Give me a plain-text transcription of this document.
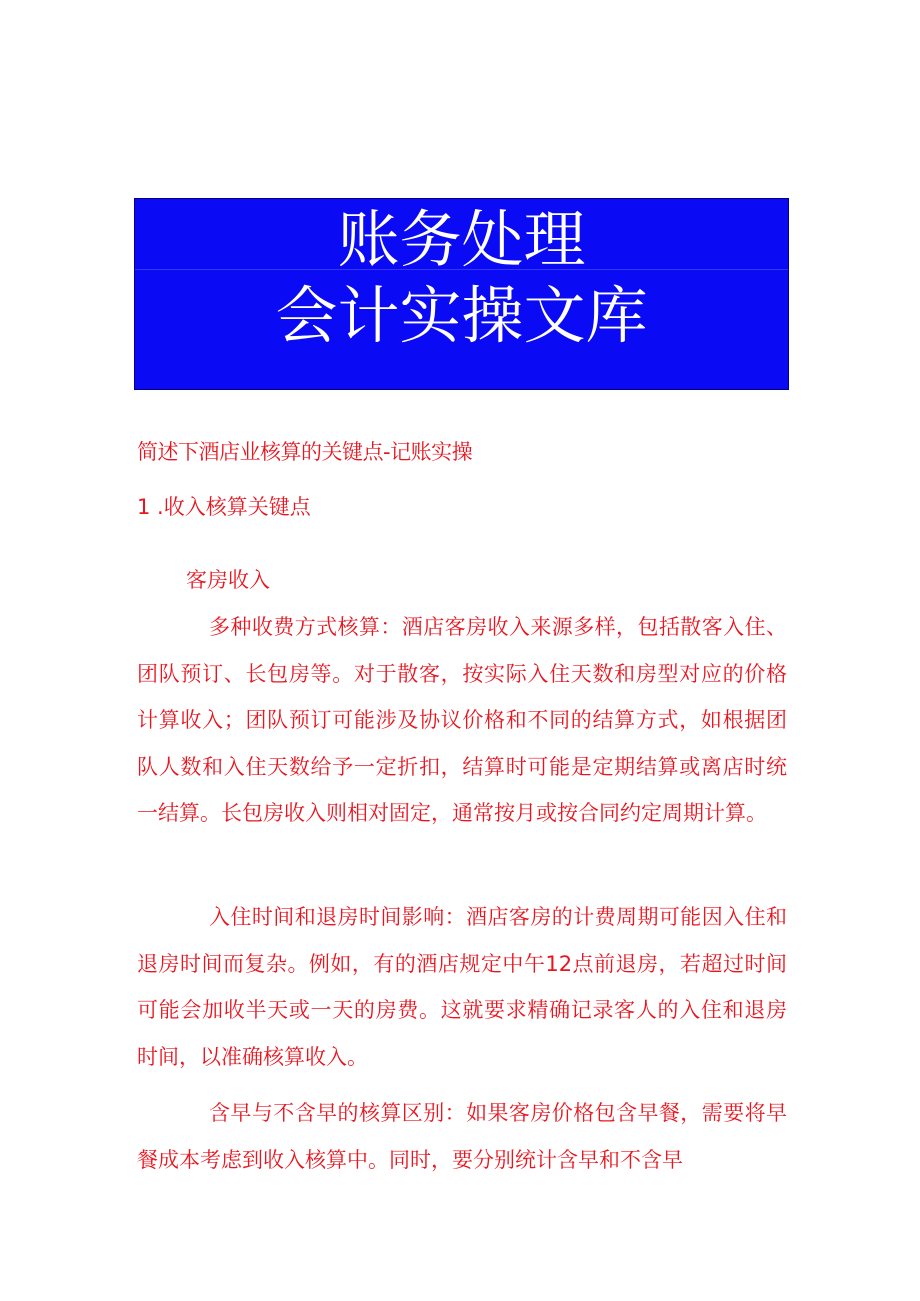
账务处理
会计实操文库
简述下酒店业核算的关键点-记账实操
1 .收入核算关键点
客房收入

多种收费方式核算：酒店客房收入来源多样，包括散客入住、团队预订、长包房等。对于散客，按实际入住天数和房型对应的价格计算收入；团队预订可能涉及协议价格和不同的结算方式，如根据团队人数和入住天数给予一定折扣，结算时可能是定期结算或离店时统一结算。长包房收入则相对固定，通常按月或按合同约定周期计算。

入住时间和退房时间影响：酒店客房的计费周期可能因入住和退房时间而复杂。例如，有的酒店规定中午12点前退房，若超过时间可能会加收半天或一天的房费。这就要求精确记录客人的入住和退房时间，以准确核算收入。

含早与不含早的核算区别：如果客房价格包含早餐，需要将早餐成本考虑到收入核算中。同时，要分别统计含早和不含早
